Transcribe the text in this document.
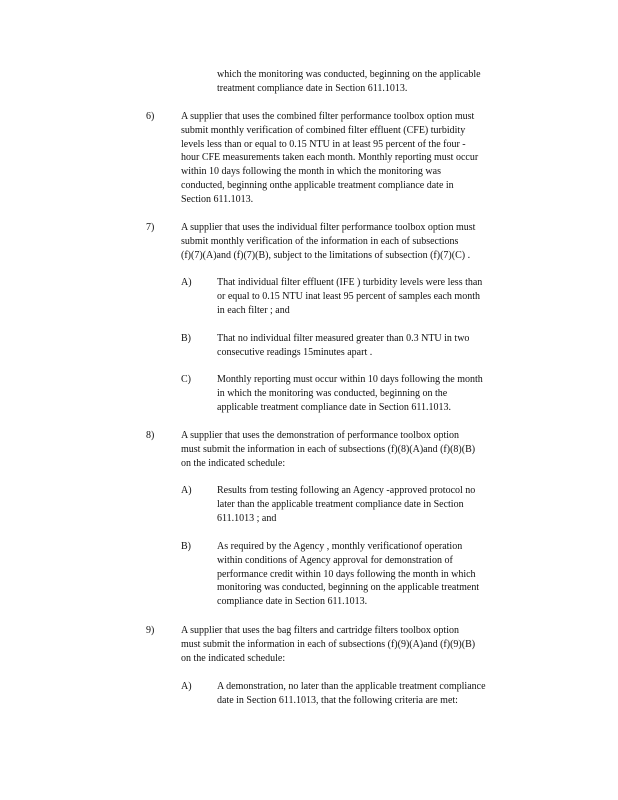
which the monitoring was conducted, beginning on the applicable

treatment compliance date in Section 611.1013.

6)	A supplier that uses the combined filter performance toolbox option must

submit monthly verification of combined filter effluent (CFE) turbidity

levels less than or equal to 0.15 NTU in at least 95 percent of the four -

hour CFE measurements taken each month. Monthly reporting must occur

within 10 days following the month in which the monitoring was

conducted, beginning onthe applicable treatment compliance date in

Section 611.1013.

7)	A supplier that uses the individual filter performance toolbox option must

submit monthly verification of the information in each of subsections

(f)(7)(A)and (f)(7)(B), subject to the limitations of subsection (f)(7)(C) .

A)	That individual filter effluent (IFE ) turbidity levels were less than

or equal to 0.15 NTU inat least 95 percent of samples each month

in each filter ; and

B)	That no individual filter measured greater than 0.3 NTU in two

consecutive readings 15minutes apart .

C)	Monthly reporting must occur within 10 days following the month

in which the monitoring was conducted, beginning on the

applicable treatment compliance date in Section 611.1013.

8)	A supplier that uses the demonstration of performance toolbox option

must submit the information in each of subsections (f)(8)(A)and (f)(8)(B)

on the indicated schedule:

A)	Results from testing following an Agency -approved protocol no

later than the applicable treatment compliance date in Section

611.1013 ; and

B)	As required by the Agency , monthly verificationof operation

within conditions of Agency approval for demonstration of

performance credit within 10 days following the month in which

monitoring was conducted, beginning on the applicable treatment

compliance date in Section 611.1013.

9)	A supplier that uses the bag filters and cartridge filters toolbox option

must submit the information in each of subsections (f)(9)(A)and (f)(9)(B)

on the indicated schedule:

A)	A demonstration, no later than the applicable treatment compliance

date in Section 611.1013, that the following criteria are met:
